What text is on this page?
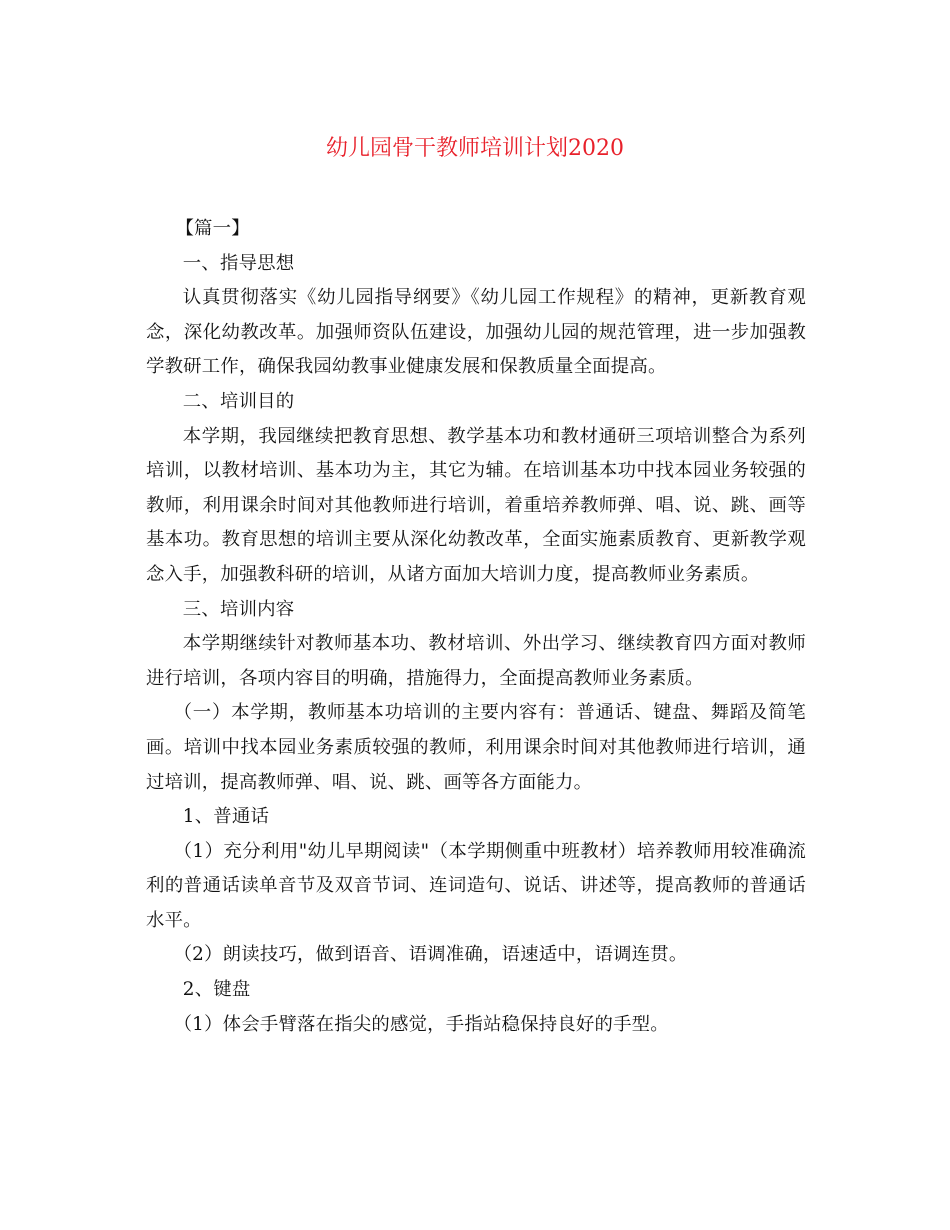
幼儿园骨干教师培训计划2020

【篇一】

一、指导思想

认真贯彻落实《幼儿园指导纲要》《幼儿园工作规程》的精神，更新教育观念，深化幼教改革。加强师资队伍建设，加强幼儿园的规范管理，进一步加强教学教研工作，确保我园幼教事业健康发展和保教质量全面提高。

二、培训目的

本学期，我园继续把教育思想、教学基本功和教材通研三项培训整合为系列培训，以教材培训、基本功为主，其它为辅。在培训基本功中找本园业务较强的教师，利用课余时间对其他教师进行培训，着重培养教师弹、唱、说、跳、画等基本功。教育思想的培训主要从深化幼教改革，全面实施素质教育、更新教学观念入手，加强教科研的培训，从诸方面加大培训力度，提高教师业务素质。

三、培训内容

本学期继续针对教师基本功、教材培训、外出学习、继续教育四方面对教师进行培训，各项内容目的明确，措施得力，全面提高教师业务素质。

（一）本学期，教师基本功培训的主要内容有：普通话、键盘、舞蹈及简笔画。培训中找本园业务素质较强的教师，利用课余时间对其他教师进行培训，通过培训，提高教师弹、唱、说、跳、画等各方面能力。

1、普通话

（1）充分利用"幼儿早期阅读"（本学期侧重中班教材）培养教师用较准确流利的普通话读单音节及双音节词、连词造句、说话、讲述等，提高教师的普通话水平。

（2）朗读技巧，做到语音、语调准确，语速适中，语调连贯。

2、键盘

（1）体会手臂落在指尖的感觉，手指站稳保持良好的手型。
